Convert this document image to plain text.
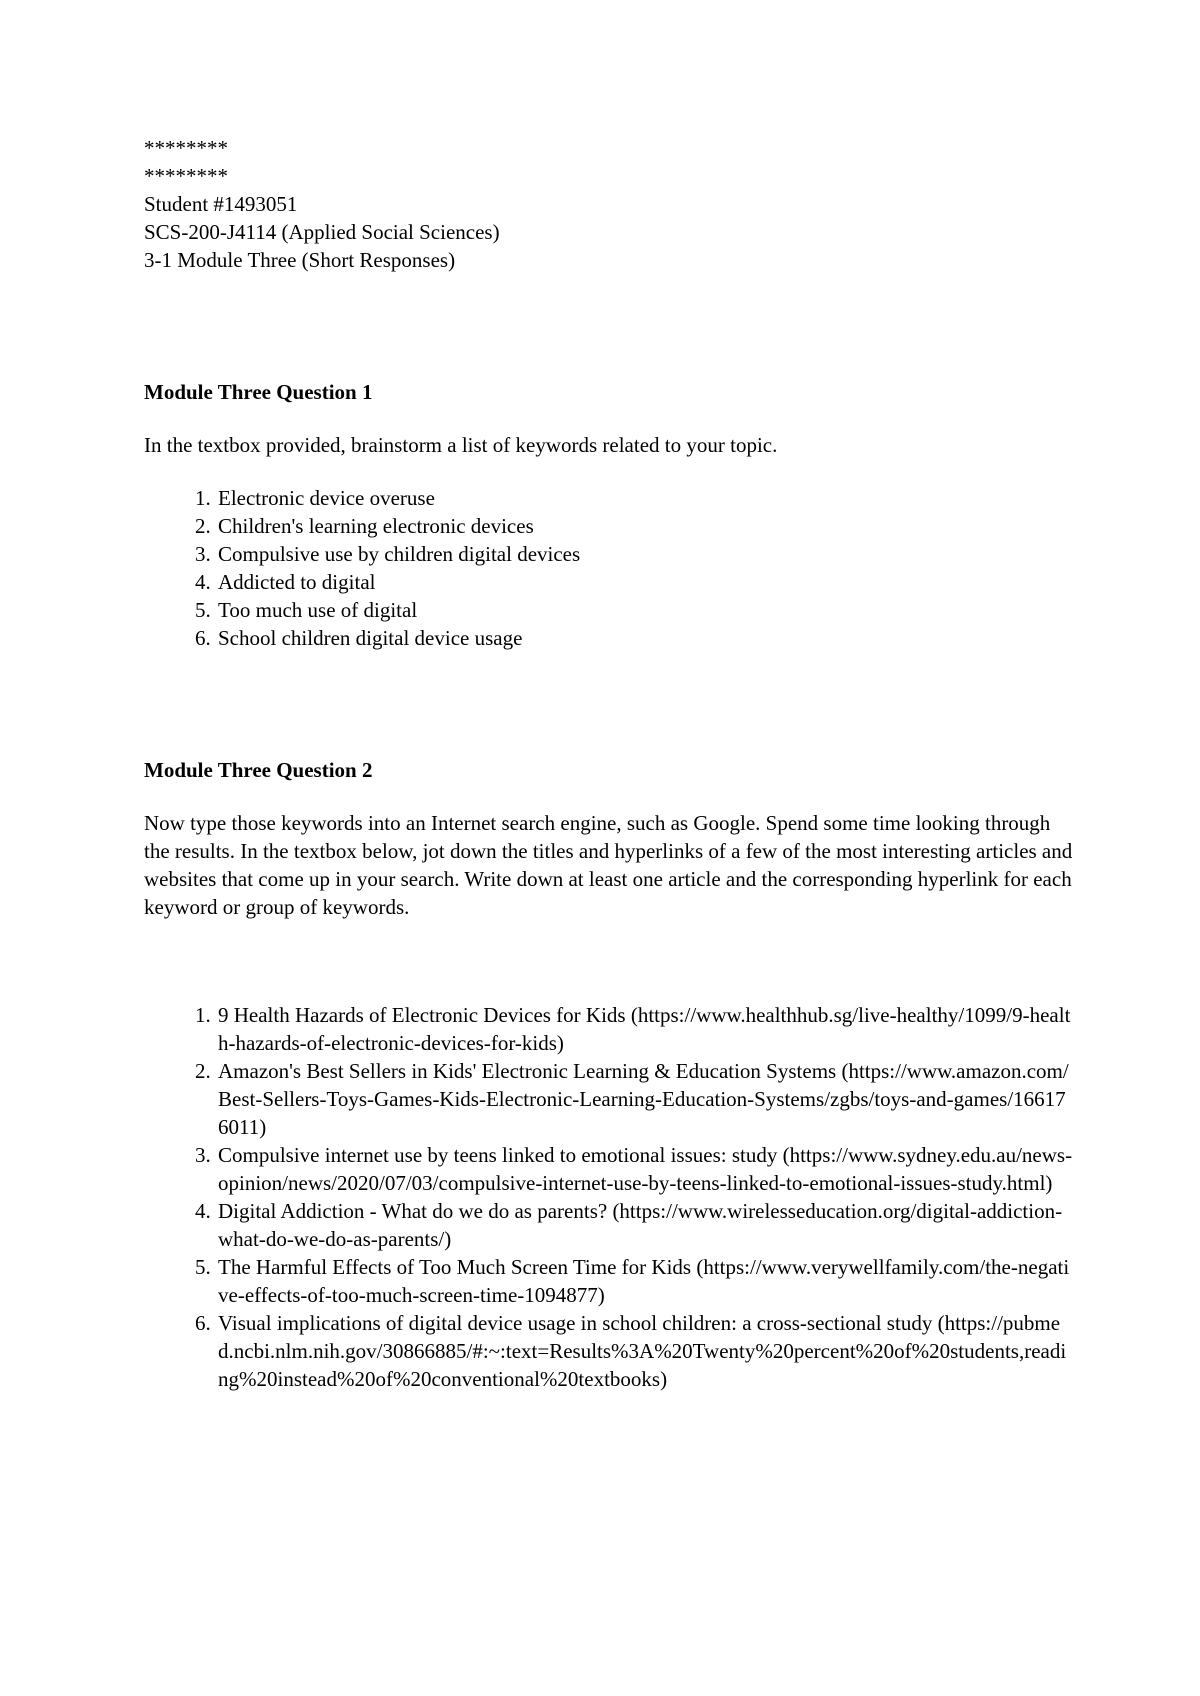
********

********

Student #1493051

SCS-200-J4114 (Applied Social Sciences)

3-1 Module Three (Short Responses)

Module Three Question 1

In the textbox provided, brainstorm a list of keywords related to your topic.

1. Electronic device overuse
2. Children's learning electronic devices
3. Compulsive use by children digital devices
4. Addicted to digital
5. Too much use of digital
6. School children digital device usage
Module Three Question 2

Now type those keywords into an Internet search engine, such as Google. Spend some time looking through the results. In the textbox below, jot down the titles and hyperlinks of a few of the most interesting articles and websites that come up in your search. Write down at least one article and the corresponding hyperlink for each keyword or group of keywords.

1. 9 Health Hazards of Electronic Devices for Kids (https://www.healthhub.sg/live-healthy/1099/9-health-hazards-of-electronic-devices-for-kids)
2. Amazon's Best Sellers in Kids' Electronic Learning & Education Systems (https://www.amazon.com/Best-Sellers-Toys-Games-Kids-Electronic-Learning-Education-Systems/zgbs/toys-and-games/166176011)
3. Compulsive internet use by teens linked to emotional issues: study (https://www.sydney.edu.au/news-opinion/news/2020/07/03/compulsive-internet-use-by-teens-linked-to-emotional-issues-study.html)
4. Digital Addiction - What do we do as parents? (https://www.wirelesseducation.org/digital-addiction-what-do-we-do-as-parents/)
5. The Harmful Effects of Too Much Screen Time for Kids (https://www.verywellfamily.com/the-negative-effects-of-too-much-screen-time-1094877)
6. Visual implications of digital device usage in school children: a cross-sectional study (https://pubmed.ncbi.nlm.nih.gov/30866885/#:~:text=Results%3A%20Twenty%20percent%20of%20students,reading%20instead%20of%20conventional%20textbooks)
